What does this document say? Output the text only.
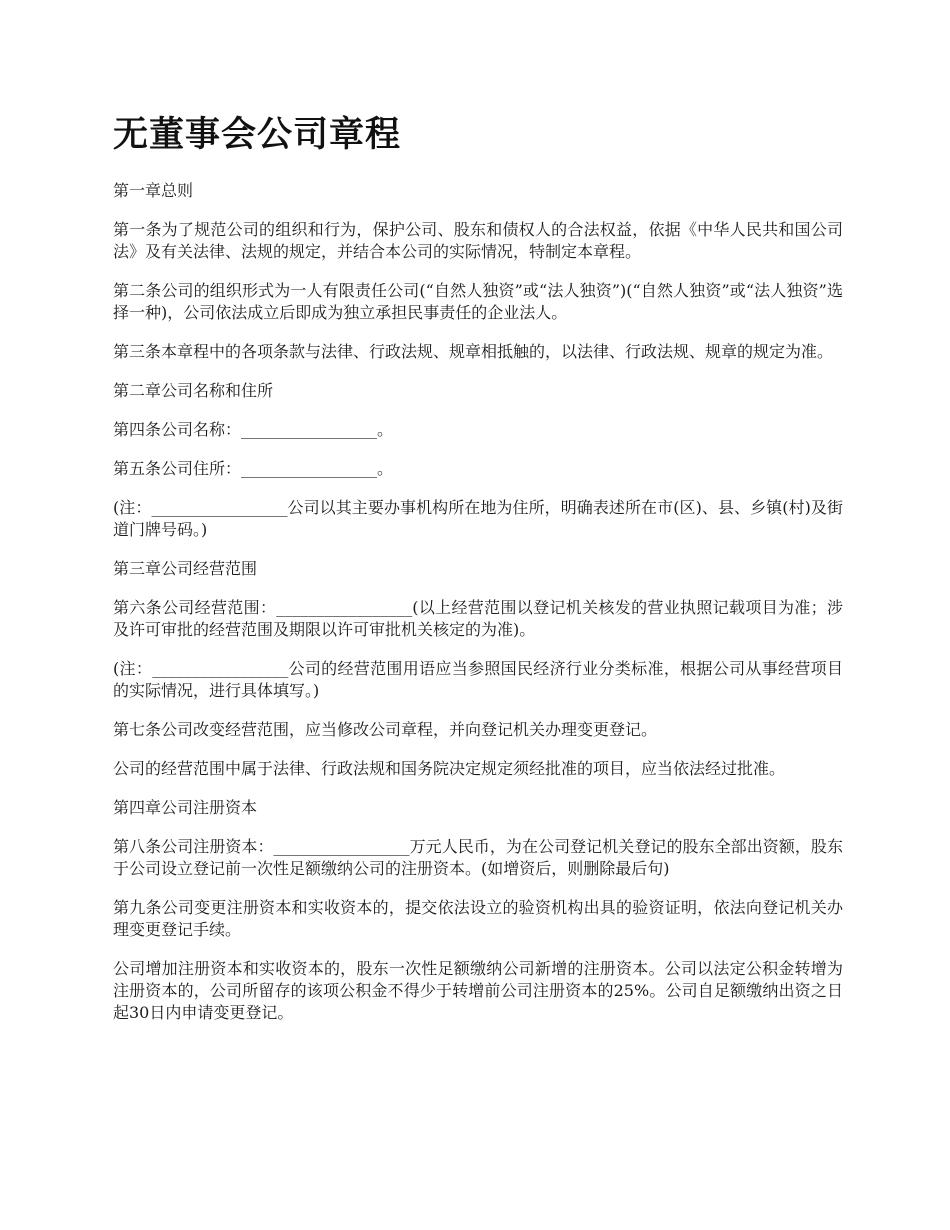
无董事会公司章程

第一章总则

第一条为了规范公司的组织和行为，保护公司、股东和债权人的合法权益，依据《中华人民共和国公司法》及有关法律、法规的规定，并结合本公司的实际情况，特制定本章程。

第二条公司的组织形式为一人有限责任公司(“自然人独资”或“法人独资”)(“自然人独资”或“法人独资”选择一种)，公司依法成立后即成为独立承担民事责任的企业法人。

第三条本章程中的各项条款与法律、行政法规、规章相抵触的，以法律、行政法规、规章的规定为准。

第二章公司名称和住所

第四条公司名称：_________________。

第五条公司住所：_________________。

(注：_________________公司以其主要办事机构所在地为住所，明确表述所在市(区)、县、乡镇(村)及街道门牌号码。)

第三章公司经营范围

第六条公司经营范围：_________________(以上经营范围以登记机关核发的营业执照记载项目为准；涉及许可审批的经营范围及期限以许可审批机关核定的为准)。

(注：_________________公司的经营范围用语应当参照国民经济行业分类标准，根据公司从事经营项目的实际情况，进行具体填写。)

第七条公司改变经营范围，应当修改公司章程，并向登记机关办理变更登记。

公司的经营范围中属于法律、行政法规和国务院决定规定须经批准的项目，应当依法经过批准。

第四章公司注册资本

第八条公司注册资本：_________________万元人民币，为在公司登记机关登记的股东全部出资额，股东于公司设立登记前一次性足额缴纳公司的注册资本。(如增资后，则删除最后句)

第九条公司变更注册资本和实收资本的，提交依法设立的验资机构出具的验资证明，依法向登记机关办理变更登记手续。

公司增加注册资本和实收资本的，股东一次性足额缴纳公司新增的注册资本。公司以法定公积金转增为注册资本的，公司所留存的该项公积金不得少于转增前公司注册资本的25%。公司自足额缴纳出资之日起30日内申请变更登记。
